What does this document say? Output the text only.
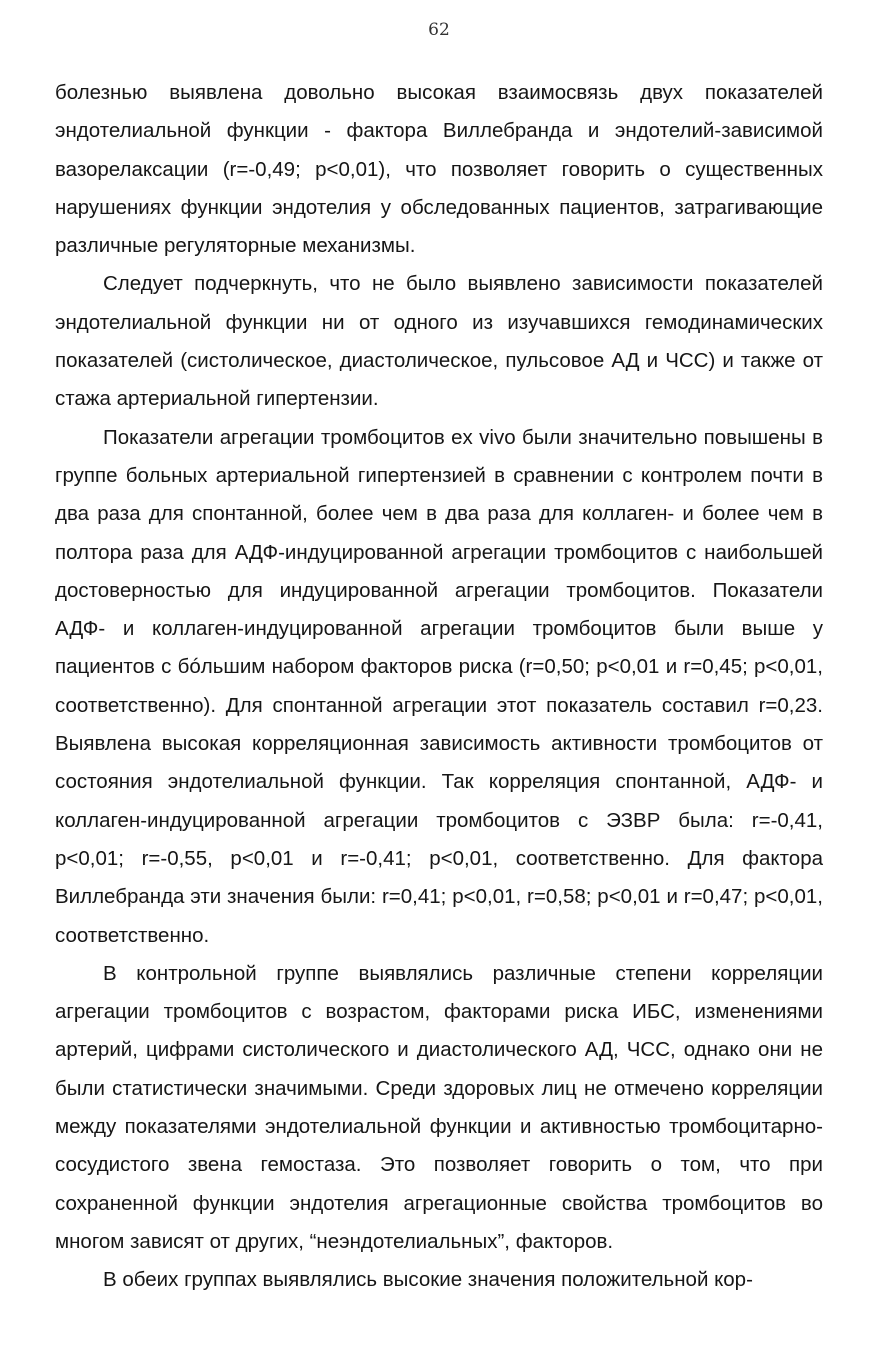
62

болезнью выявлена довольно высокая взаимосвязь двух показателей эндотелиальной функции - фактора Виллебранда и эндотелий-зависимой вазорелаксации (r=-0,49; р<0,01), что позволяет говорить о существенных нарушениях функции эндотелия у обследованных пациентов, затрагивающие различные регуляторные механизмы.

Следует подчеркнуть, что не было выявлено зависимости показателей эндотелиальной функции ни от одного из изучавшихся гемодинамических показателей (систолическое, диастолическое, пульсовое АД и ЧСС) и также от стажа артериальной гипертензии.

Показатели агрегации тромбоцитов ex vivo были значительно повышены в группе больных артериальной гипертензией в сравнении с контролем почти в два раза для спонтанной, более чем в два раза для коллаген- и более чем в полтора раза для АДФ-индуцированной агрегации тромбоцитов с наибольшей достоверностью для индуцированной агрегации тромбоцитов. Показатели АДФ- и коллаген-индуцированной агрегации тромбоцитов были выше у пациентов с бóльшим набором факторов риска (r=0,50; р<0,01 и r=0,45; р<0,01, соответственно). Для спонтанной агрегации этот показатель составил r=0,23. Выявлена высокая корреляционная зависимость активности тромбоцитов от состояния эндотелиальной функции. Так корреляция спонтанной, АДФ- и коллаген-индуцированной агрегации тромбоцитов с ЭЗВР была: r=-0,41, р<0,01; r=-0,55, р<0,01 и r=-0,41; р<0,01, соответственно. Для фактора Виллебранда эти значения были: r=0,41; р<0,01, r=0,58; р<0,01 и r=0,47; р<0,01, соответственно.

В контрольной группе выявлялись различные степени корреляции агрегации тромбоцитов с возрастом, факторами риска ИБС, изменениями артерий, цифрами систолического и диастолического АД, ЧСС, однако они не были статистически значимыми. Среди здоровых лиц не отмечено корреляции между показателями эндотелиальной функции и активностью тромбоцитарно-сосудистого звена гемостаза. Это позволяет говорить о том, что при сохраненной функции эндотелия агрегационные свойства тромбоцитов во многом зависят от других, “неэндотелиальных”, факторов.

В обеих группах выявлялись высокие значения положительной кор-
